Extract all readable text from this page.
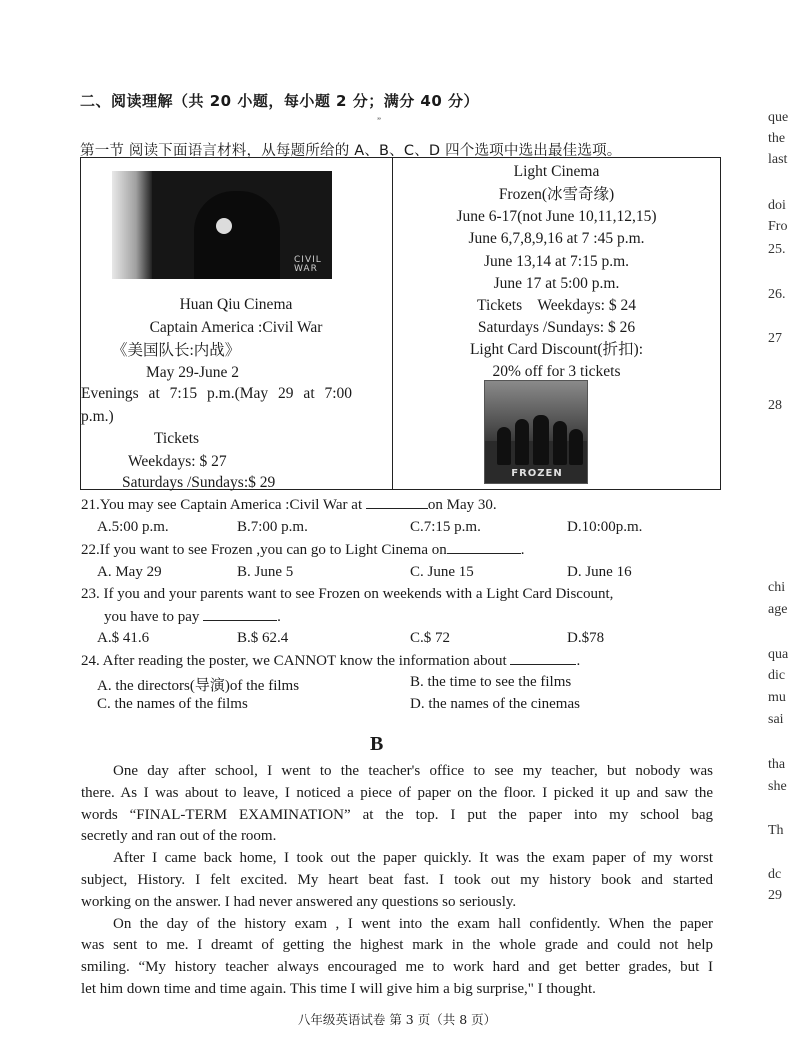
二、阅读理解（共 20 小题，每小题 2 分；满分 40 分）
”
第一节 阅读下面语言材料，从每题所给的 A、B、C、D 四个选项中选出最佳选项。
CIVIL WAR
Huan Qiu Cinema
Captain America :Civil War
《美国队长:内战》
May 29-June 2
Evenings at 7:15 p.m.(May 29 at 7:00
p.m.)
Tickets
Weekdays: $ 27
Saturdays /Sundays:$ 29
Light Cinema
Frozen(冰雪奇缘)
June 6-17(not June 10,11,12,15)
June 6,7,8,9,16 at 7 :45 p.m.
June 13,14 at 7:15 p.m.
June 17 at 5:00 p.m.
Tickets    Weekdays: $ 24
Saturdays /Sundays: $ 26
Light Card Discount(折扣):
20% off for 3 tickets
FROZEN
21.You may see Captain America :Civil War at	on May 30.
A.5:00 p.m.	B.7:00 p.m.	C.7:15 p.m.	D.10:00p.m.
22.If you want to see Frozen ,you can go to Light Cinema on	.
A. May 29	B. June 5	C. June 15	D. June 16
23. If you and your parents want to see Frozen on weekends with a Light Card Discount,
you have to pay	.
A.$ 41.6	B.$ 62.4	C.$ 72	D.$78
24. After reading the poster, we CANNOT know the information about	.
A. the directors(导演)of the films	B. the time to see the films
C. the names of the films	D. the names of the cinemas
B

One day after school, I went to the teacher's office to see my teacher, but nobody was

there. As I was about to leave, I noticed a piece of paper on the floor. I picked it up and saw the
words “FINAL-TERM EXAMINATION” at the top. I put the paper into my school bag
secretly and ran out of the room.

After I came back home, I took out the paper quickly. It was the exam paper of my worst

subject, History. I felt excited. My heart beat fast. I took out my history book and started
working on the answer. I had never answered any questions so seriously.

On the day of the history exam , I went into the exam hall confidently. When the paper

was sent to me. I dreamt of getting the highest mark in the whole grade and could not help
smiling. “My history teacher always encouraged me to work hard and get better grades, but I
let him down time and time again. This time I will give him a big surprise," I thought.

八年级英语试卷 第 3 页（共 8 页）
que
the
last
doi
Fro
25.
26.
27
28
chi
age
qua
dic
mu
sai
tha
she
Th
dc
29
